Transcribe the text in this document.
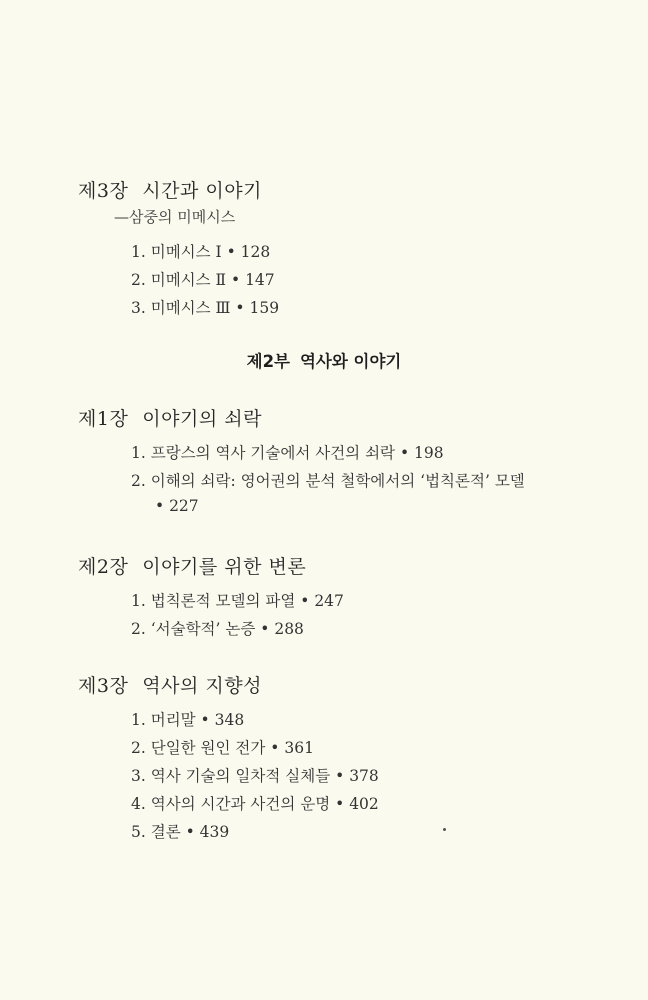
제3장 시간과 이야기
—삼중의 미메시스
1. 미메시스 Ⅰ • 128
2. 미메시스 Ⅱ • 147
3. 미메시스 Ⅲ • 159
제2부 역사와 이야기
제1장 이야기의 쇠락
1. 프랑스의 역사 기술에서 사건의 쇠락 • 198
2. 이해의 쇠락: 영어권의 분석 철학에서의 ‘법칙론적’ 모델
• 227
제2장 이야기를 위한 변론
1. 법칙론적 모델의 파열 • 247
2. ‘서술학적’ 논증 • 288
제3장 역사의 지향성
1. 머리말 • 348
2. 단일한 원인 전가 • 361
3. 역사 기술의 일차적 실체들 • 378
4. 역사의 시간과 사건의 운명 • 402
5. 결론 • 439
